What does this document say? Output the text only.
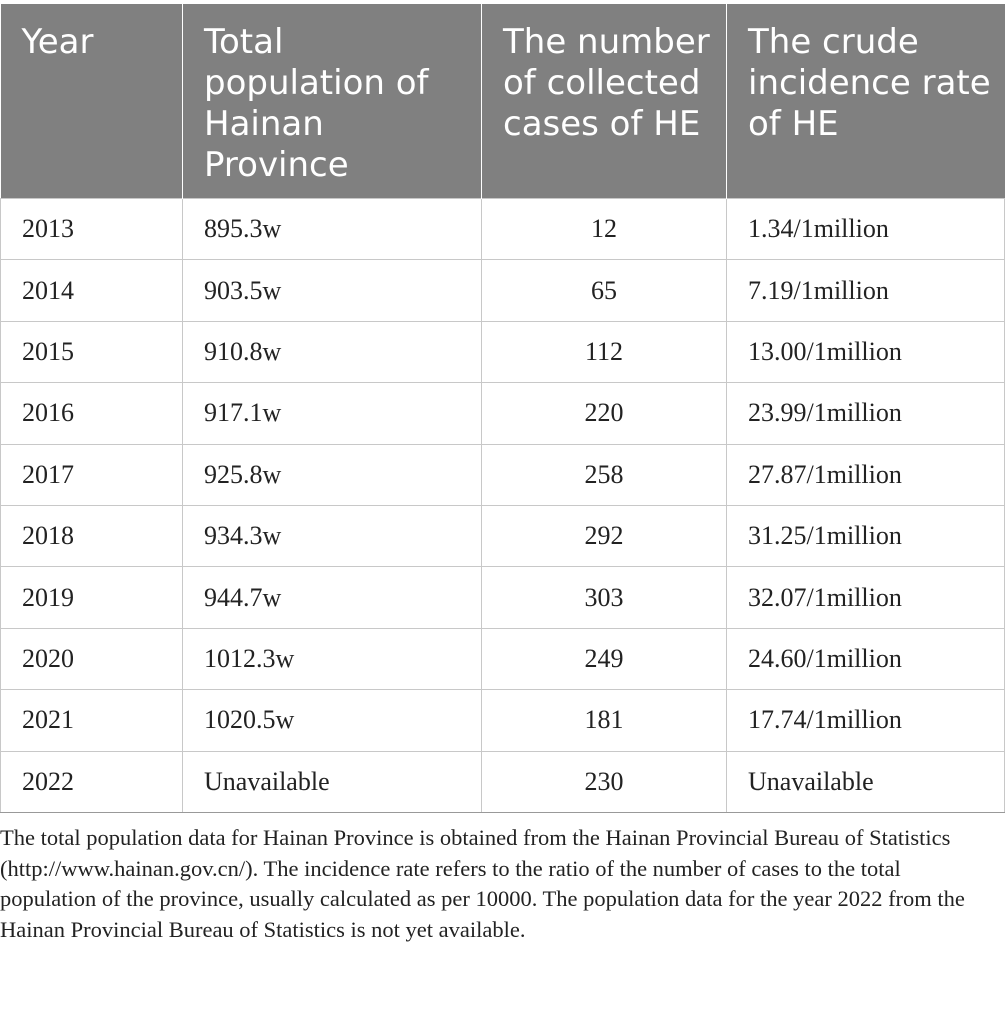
Year	Total population of Hainan Province	The number of collected cases of HE	The crude incidence rate of HE
2013	895.3w	12	1.34/1million
2014	903.5w	65	7.19/1million
2015	910.8w	112	13.00/1million
2016	917.1w	220	23.99/1million
2017	925.8w	258	27.87/1million
2018	934.3w	292	31.25/1million
2019	944.7w	303	32.07/1million
2020	1012.3w	249	24.60/1million
2021	1020.5w	181	17.74/1million
2022	Unavailable	230	Unavailable

The total population data for Hainan Province is obtained from the Hainan Provincial Bureau of Statistics (http://www.hainan.gov.cn/). The incidence rate refers to the ratio of the number of cases to the total population of the province, usually calculated as per 10000. The population data for the year 2022 from the Hainan Provincial Bureau of Statistics is not yet available.
